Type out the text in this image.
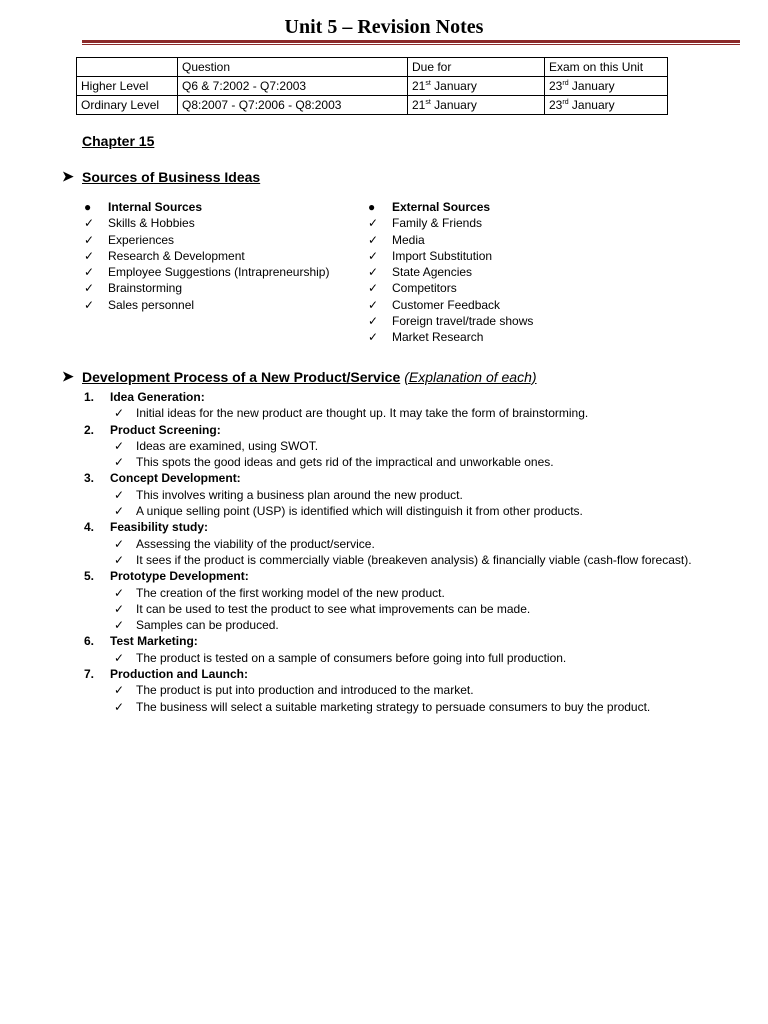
Unit 5 – Revision Notes
	Question	Due for	Exam on this Unit
Higher Level	Q6 & 7:2002 - Q7:2003	21st January	23rd January
Ordinary Level	Q8:2007 - Q7:2006 - Q8:2003	21st January	23rd January
Chapter 15
➤ Sources of Business Ideas
●	Internal Sources
✓	Skills & Hobbies
✓	Experiences
✓	Research & Development
✓	Employee Suggestions (Intrapreneurship)
✓	Brainstorming
✓	Sales personnel
●	External Sources
✓	Family & Friends
✓	Media
✓	Import Substitution
✓	State Agencies
✓	Competitors
✓	Customer Feedback
✓	Foreign travel/trade shows
✓	Market Research
➤ Development Process of a New Product/Service (Explanation of each)
1.	Idea Generation:
✓ Initial ideas for the new product are thought up. It may take the form of brainstorming.
2.	Product Screening:
✓ Ideas are examined, using SWOT.
✓ This spots the good ideas and gets rid of the impractical and unworkable ones.
3.	Concept Development:
✓ This involves writing a business plan around the new product.
✓ A unique selling point (USP) is identified which will distinguish it from other products.
4.	Feasibility study:
✓ Assessing the viability of the product/service.
✓ It sees if the product is commercially viable (breakeven analysis) & financially viable (cash-flow forecast).
5.	Prototype Development:
✓ The creation of the first working model of the new product.
✓ It can be used to test the product to see what improvements can be made.
✓ Samples can be produced.
6.	Test Marketing:
✓ The product is tested on a sample of consumers before going into full production.
7.	Production and Launch:
✓ The product is put into production and introduced to the market.
✓ The business will select a suitable marketing strategy to persuade consumers to buy the product.
